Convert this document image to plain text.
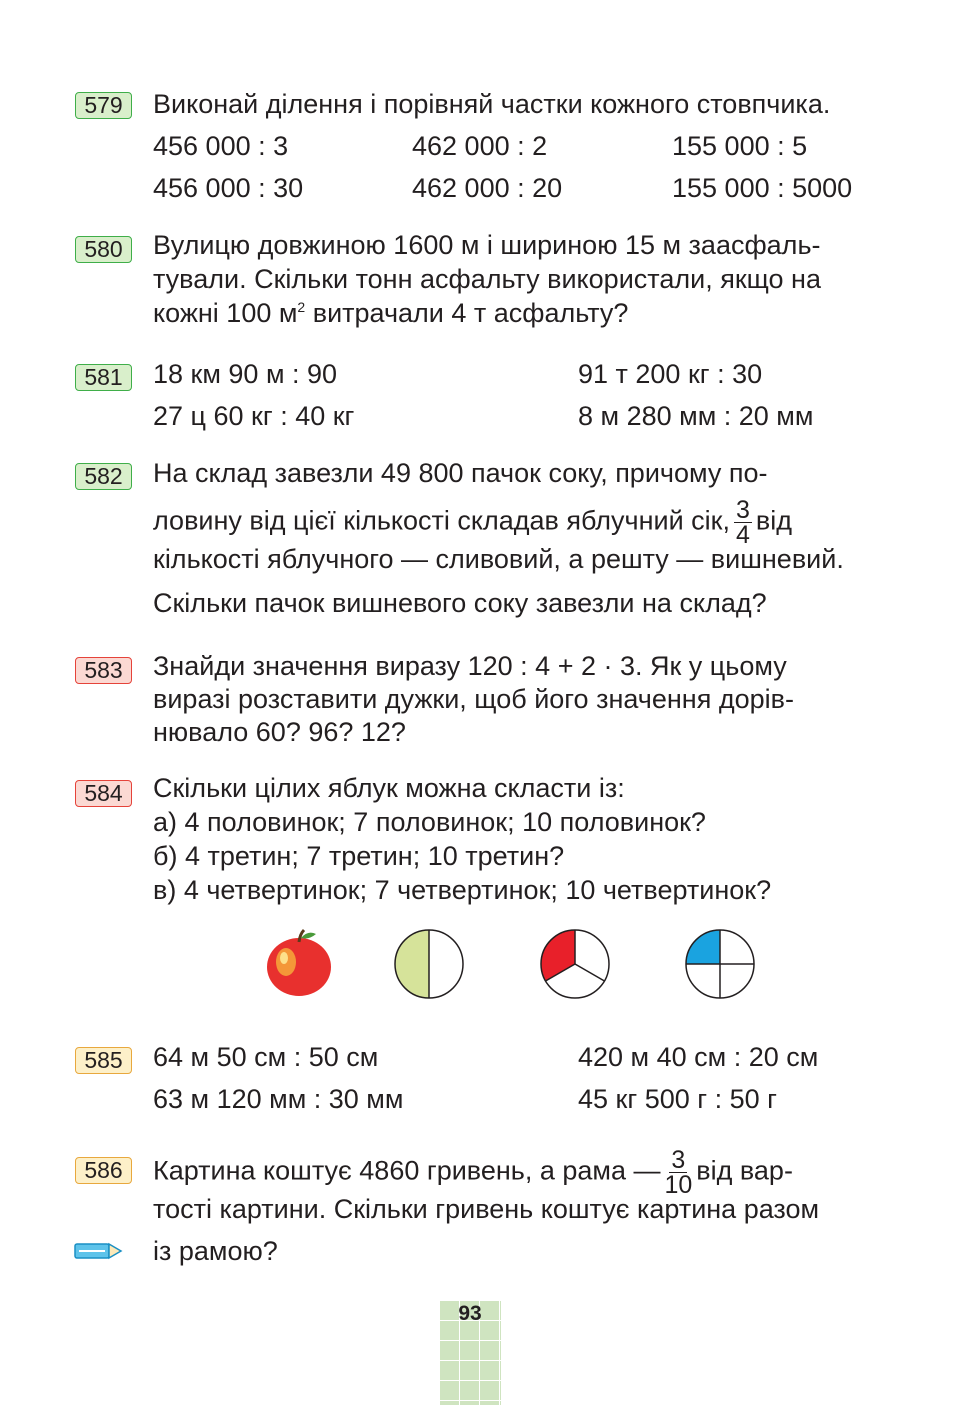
579	Виконай ділення і порівняй частки кожного стовпчика.
456 000 : 3	462 000 : 2	155 000 : 5
456 000 : 30	462 000 : 20	155 000 : 5000
580	Вулицю довжиною 1600 м і шириною 15 м заасфаль-
тували. Скільки тонн асфальту використали, якщо на
кожні 100 $м^2$ витрачали 4 т асфальту?
581	18 км 90 м : 90	91 т 200 кг : 30
27 ц 60 кг : 40 кг	8 м 280 мм : 20 мм
582	На склад завезли 49 800 пачок соку, причому по-
ловину від цієї кількості складав яблучний сік, $\frac{3}{4}$ від
кількості яблучного — сливовий, а решту — вишневий.
Скільки пачок вишневого соку завезли на склад?
583	Знайди значення виразу 120 : 4 + 2 · 3. Як у цьому
виразі розставити дужки, щоб його значення дорів-
нювало 60? 96? 12?
584	Скільки цілих яблук можна скласти із:
а) 4 половинок; 7 половинок; 10 половинок?
б) 4 третин; 7 третин; 10 третин?
в) 4 четвертинок; 7 четвертинок; 10 четвертинок?
585	64 м 50 см : 50 см	420 м 40 см : 20 см
63 м 120 мм : 30 мм	45 кг 500 г : 50 г
586	Картина коштує 4860 гривень, а рама — $\frac{3}{10}$ від вар-
тості картини. Скільки гривень коштує картина разом
із рамою?
93
